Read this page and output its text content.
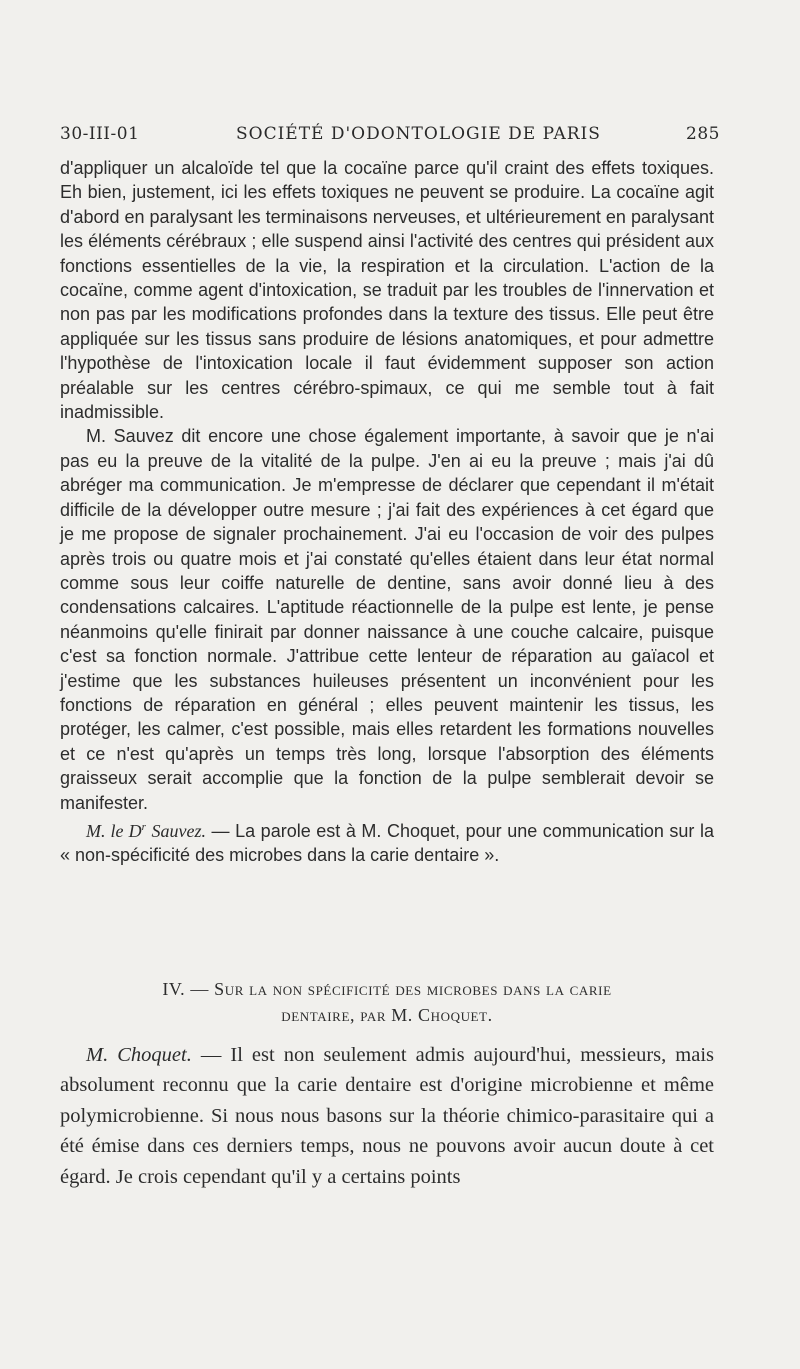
30-III-01	SOCIÉTÉ D'ODONTOLOGIE DE PARIS	285

d'appliquer un alcaloïde tel que la cocaïne parce qu'il craint des effets toxiques. Eh bien, justement, ici les effets toxiques ne peuvent se produire. La cocaïne agit d'abord en paralysant les terminaisons nerveuses, et ultérieurement en paralysant les éléments cérébraux ; elle suspend ainsi l'activité des centres qui président aux fonctions essentielles de la vie, la respiration et la circulation. L'action de la cocaïne, comme agent d'intoxication, se traduit par les troubles de l'innervation et non pas par les modifications profondes dans la texture des tissus. Elle peut être appliquée sur les tissus sans produire de lésions anatomiques, et pour admettre l'hypothèse de l'intoxication locale il faut évidemment supposer son action préalable sur les centres cérébro-spimaux, ce qui me semble tout à fait inadmissible.

M. Sauvez dit encore une chose également importante, à savoir que je n'ai pas eu la preuve de la vitalité de la pulpe. J'en ai eu la preuve ; mais j'ai dû abréger ma communication. Je m'empresse de déclarer que cependant il m'était difficile de la développer outre mesure ; j'ai fait des expériences à cet égard que je me propose de signaler prochainement. J'ai eu l'occasion de voir des pulpes après trois ou quatre mois et j'ai constaté qu'elles étaient dans leur état normal comme sous leur coiffe naturelle de dentine, sans avoir donné lieu à des condensations calcaires. L'aptitude réactionnelle de la pulpe est lente, je pense néanmoins qu'elle finirait par donner naissance à une couche calcaire, puisque c'est sa fonction normale. J'attribue cette lenteur de réparation au gaïacol et j'estime que les substances huileuses présentent un inconvénient pour les fonctions de réparation en général ; elles peuvent maintenir les tissus, les protéger, les calmer, c'est possible, mais elles retardent les formations nouvelles et ce n'est qu'après un temps très long, lorsque l'absorption des éléments graisseux serait accomplie que la fonction de la pulpe semblerait devoir se manifester.

M. le $D^r$ Sauvez. — La parole est à M. Choquet, pour une communication sur la « non-spécificité des microbes dans la carie dentaire ».

IV. — Sur la non spécificité des microbes dans la carie
dentaire, par M. Choquet.

M. Choquet. — Il est non seulement admis aujourd'hui, messieurs, mais absolument reconnu que la carie dentaire est d'origine microbienne et même polymicrobienne. Si nous nous basons sur la théorie chimico-parasitaire qui a été émise dans ces derniers temps, nous ne pouvons avoir aucun doute à cet égard. Je crois cependant qu'il y a certains points
